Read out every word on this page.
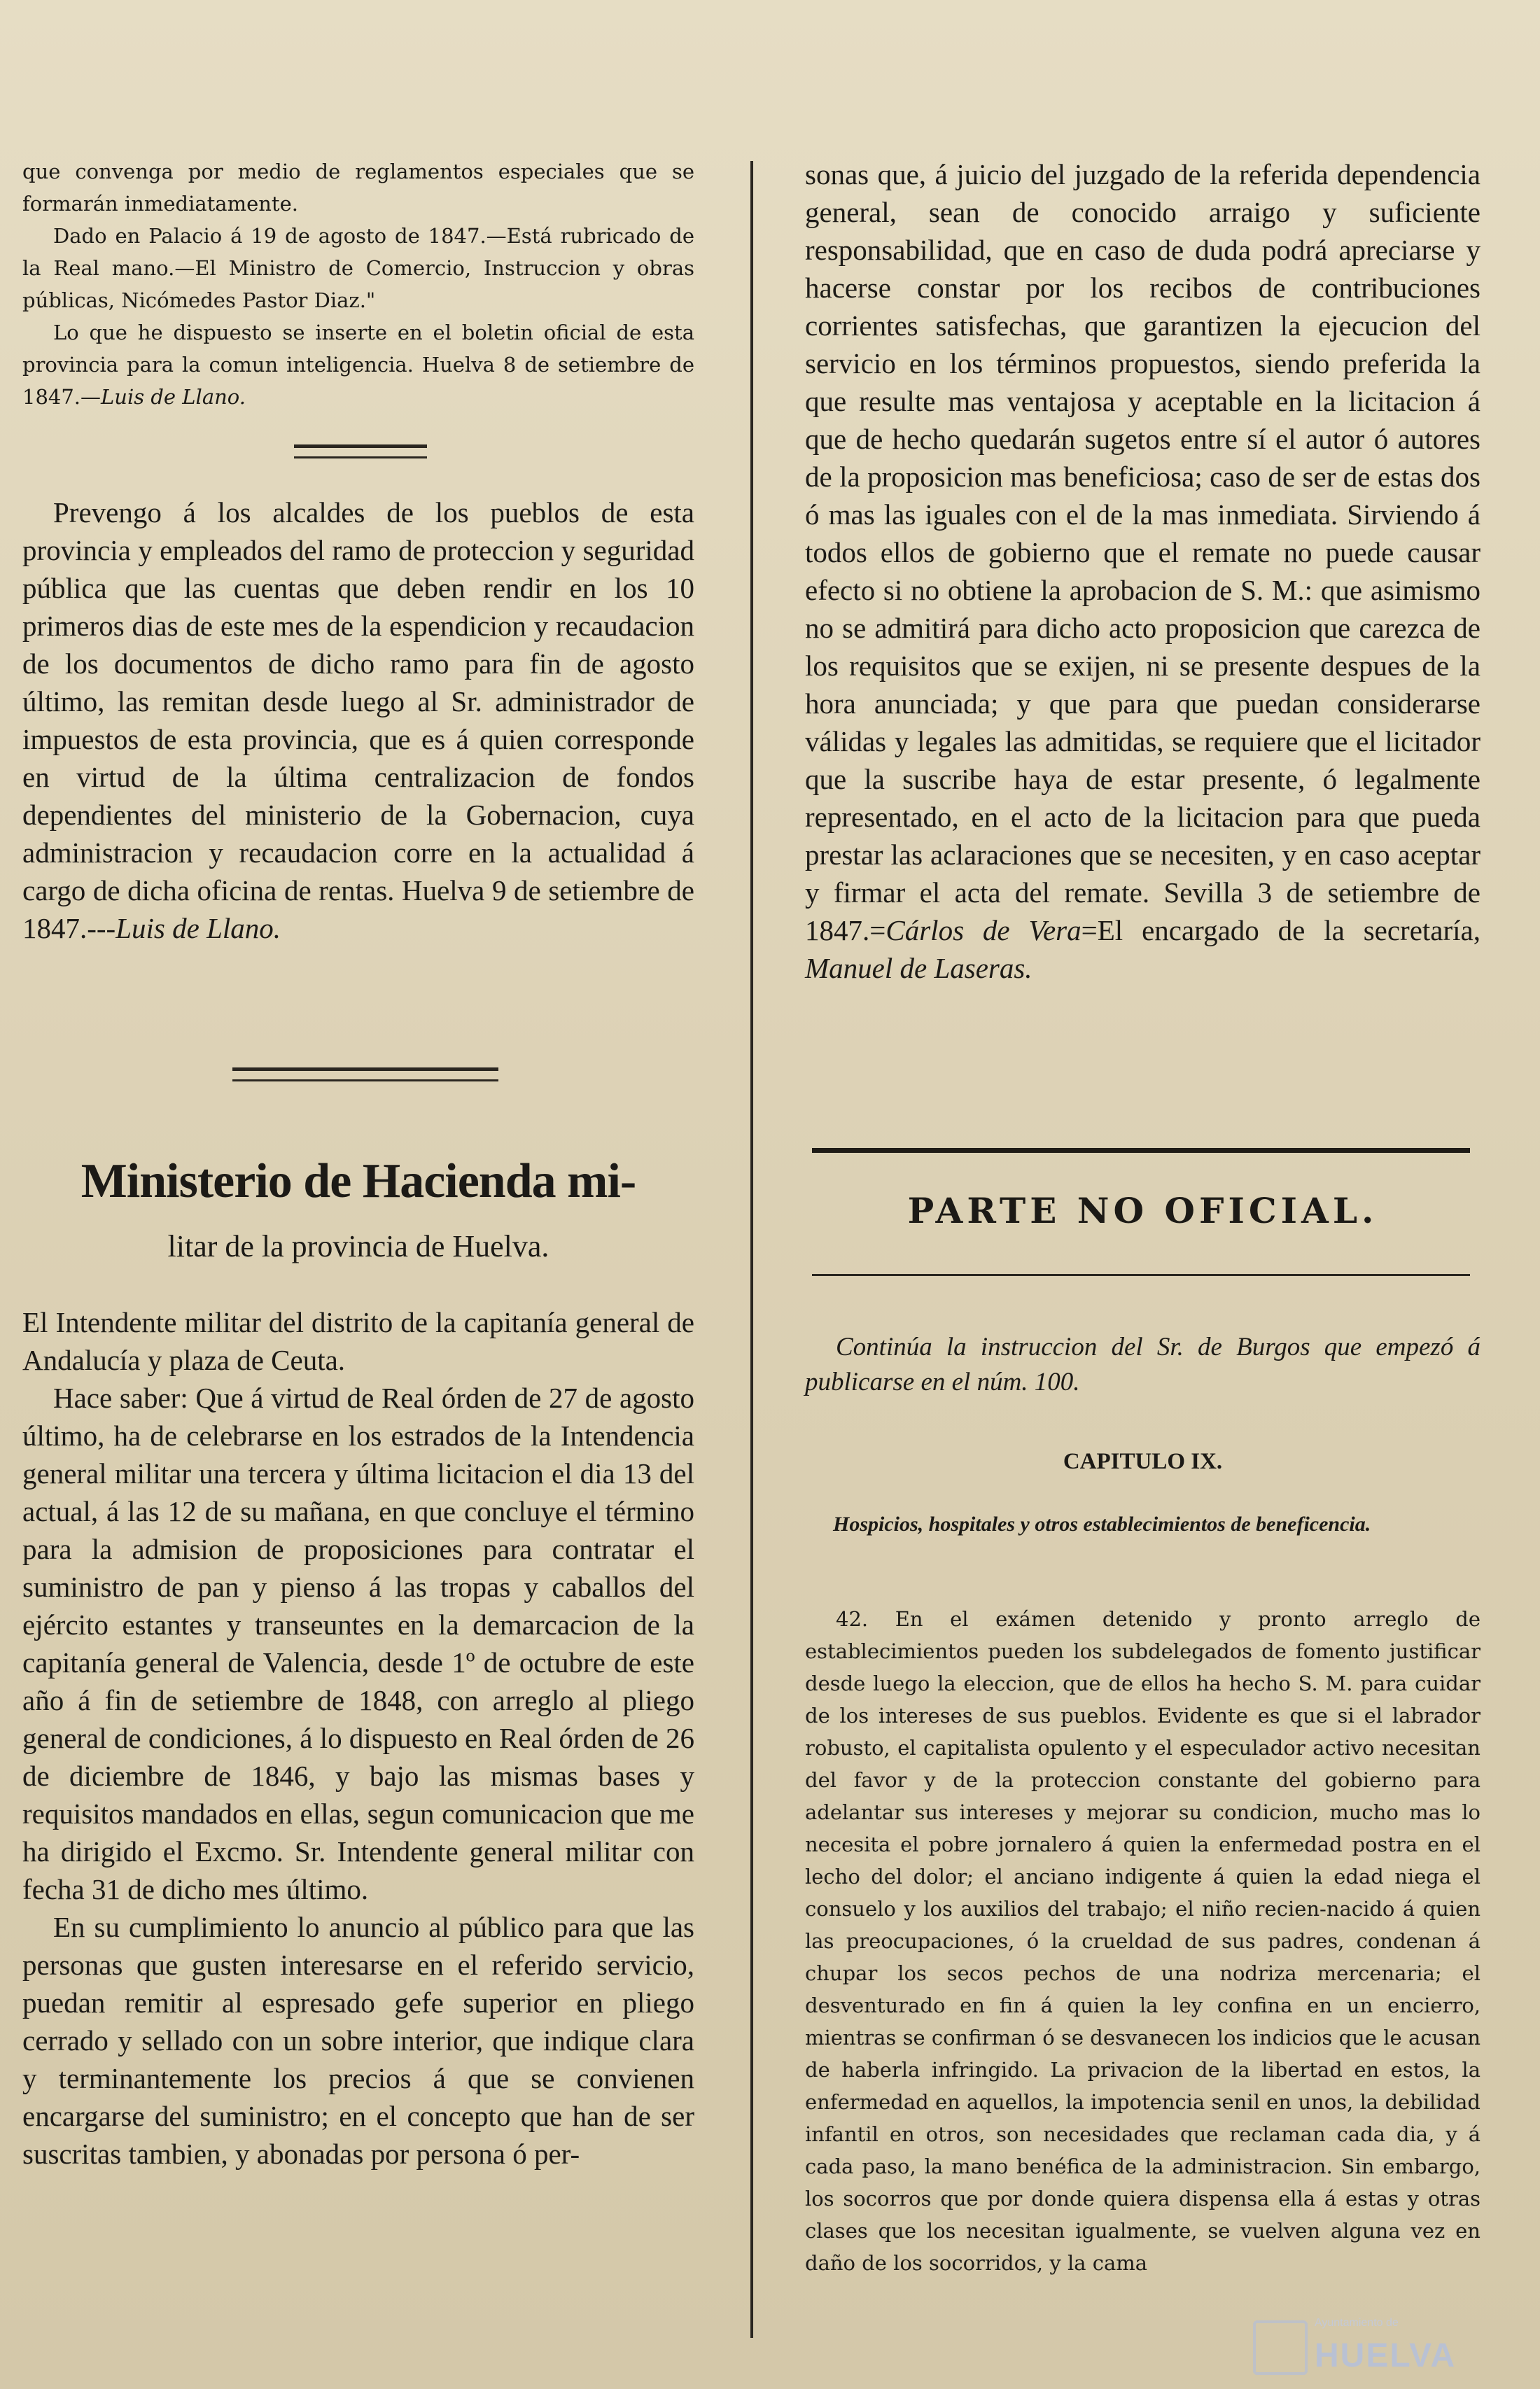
que convenga por medio de reglamentos especiales que se formarán inmediatamente.

Dado en Palacio á 19 de agosto de 1847.—Está rubricado de la Real mano.—El Ministro de Comercio, Instruccion y obras públicas, Nicómedes Pastor Diaz."

Lo que he dispuesto se inserte en el boletin oficial de esta provincia para la comun inteligencia. Huelva 8 de setiembre de 1847.—Luis de Llano.

Prevengo á los alcaldes de los pueblos de esta provincia y empleados del ramo de proteccion y seguridad pública que las cuentas que deben rendir en los 10 primeros dias de este mes de la espendicion y recaudacion de los documentos de dicho ramo para fin de agosto último, las remitan desde luego al Sr. administrador de impuestos de esta provincia, que es á quien corresponde en virtud de la última centralizacion de fondos dependientes del ministerio de la Gobernacion, cuya administracion y recaudacion corre en la actualidad á cargo de dicha oficina de rentas. Huelva 9 de setiembre de 1847.---Luis de Llano.

Ministerio de Hacienda mi-
litar de la provincia de Huelva.

El Intendente militar del distrito de la capitanía general de Andalucía y plaza de Ceuta.

Hace saber: Que á virtud de Real órden de 27 de agosto último, ha de celebrarse en los estrados de la Intendencia general militar una tercera y última licitacion el dia 13 del actual, á las 12 de su mañana, en que concluye el término para la admision de proposiciones para contratar el suministro de pan y pienso á las tropas y caballos del ejército estantes y transeuntes en la demarcacion de la capitanía general de Valencia, desde 1º de octubre de este año á fin de setiembre de 1848, con arreglo al pliego general de condiciones, á lo dispuesto en Real órden de 26 de diciembre de 1846, y bajo las mismas bases y requisitos mandados en ellas, segun comunicacion que me ha dirigido el Excmo. Sr. Intendente general militar con fecha 31 de dicho mes último.

En su cumplimiento lo anuncio al público para que las personas que gusten interesarse en el referido servicio, puedan remitir al espresado gefe superior en pliego cerrado y sellado con un sobre interior, que indique clara y terminantemente los precios á que se convienen encargarse del suministro; en el concepto que han de ser suscritas tambien, y abonadas por persona ó per-

sonas que, á juicio del juzgado de la referida dependencia general, sean de conocido arraigo y suficiente responsabilidad, que en caso de duda podrá apreciarse y hacerse constar por los recibos de contribuciones corrientes satisfechas, que garantizen la ejecucion del servicio en los términos propuestos, siendo preferida la que resulte mas ventajosa y aceptable en la licitacion á que de hecho quedarán sugetos entre sí el autor ó autores de la proposicion mas beneficiosa; caso de ser de estas dos ó mas las iguales con el de la mas inmediata. Sirviendo á todos ellos de gobierno que el remate no puede causar efecto si no obtiene la aprobacion de S. M.: que asimismo no se admitirá para dicho acto proposicion que carezca de los requisitos que se exijen, ni se presente despues de la hora anunciada; y que para que puedan considerarse válidas y legales las admitidas, se requiere que el licitador que la suscribe haya de estar presente, ó legalmente representado, en el acto de la licitacion para que pueda prestar las aclaraciones que se necesiten, y en caso aceptar y firmar el acta del remate. Sevilla 3 de setiembre de 1847.=Cárlos de Vera=El encargado de la secretaría, Manuel de Laseras.

PARTE NO OFICIAL.

Continúa la instruccion del Sr. de Burgos que empezó á publicarse en el núm. 100.

CAPITULO IX.

Hospicios, hospitales y otros establecimientos de beneficencia.

42. En el exámen detenido y pronto arreglo de establecimientos pueden los subdelegados de fomento justificar desde luego la eleccion, que de ellos ha hecho S. M. para cuidar de los intereses de sus pueblos. Evidente es que si el labrador robusto, el capitalista opulento y el especulador activo necesitan del favor y de la proteccion constante del gobierno para adelantar sus intereses y mejorar su condicion, mucho mas lo necesita el pobre jornalero á quien la enfermedad postra en el lecho del dolor; el anciano indigente á quien la edad niega el consuelo y los auxilios del trabajo; el niño recien-nacido á quien las preocupaciones, ó la crueldad de sus padres, condenan á chupar los secos pechos de una nodriza mercenaria; el desventurado en fin á quien la ley confina en un encierro, mientras se confirman ó se desvanecen los indicios que le acusan de haberla infringido. La privacion de la libertad en estos, la enfermedad en aquellos, la impotencia senil en unos, la debilidad infantil en otros, son necesidades que reclaman cada dia, y á cada paso, la mano benéfica de la administracion. Sin embargo, los socorros que por donde quiera dispensa ella á estas y otras clases que los necesitan igualmente, se vuelven alguna vez en daño de los socorridos, y la cama

Ayuntamiento de
HUELVA
